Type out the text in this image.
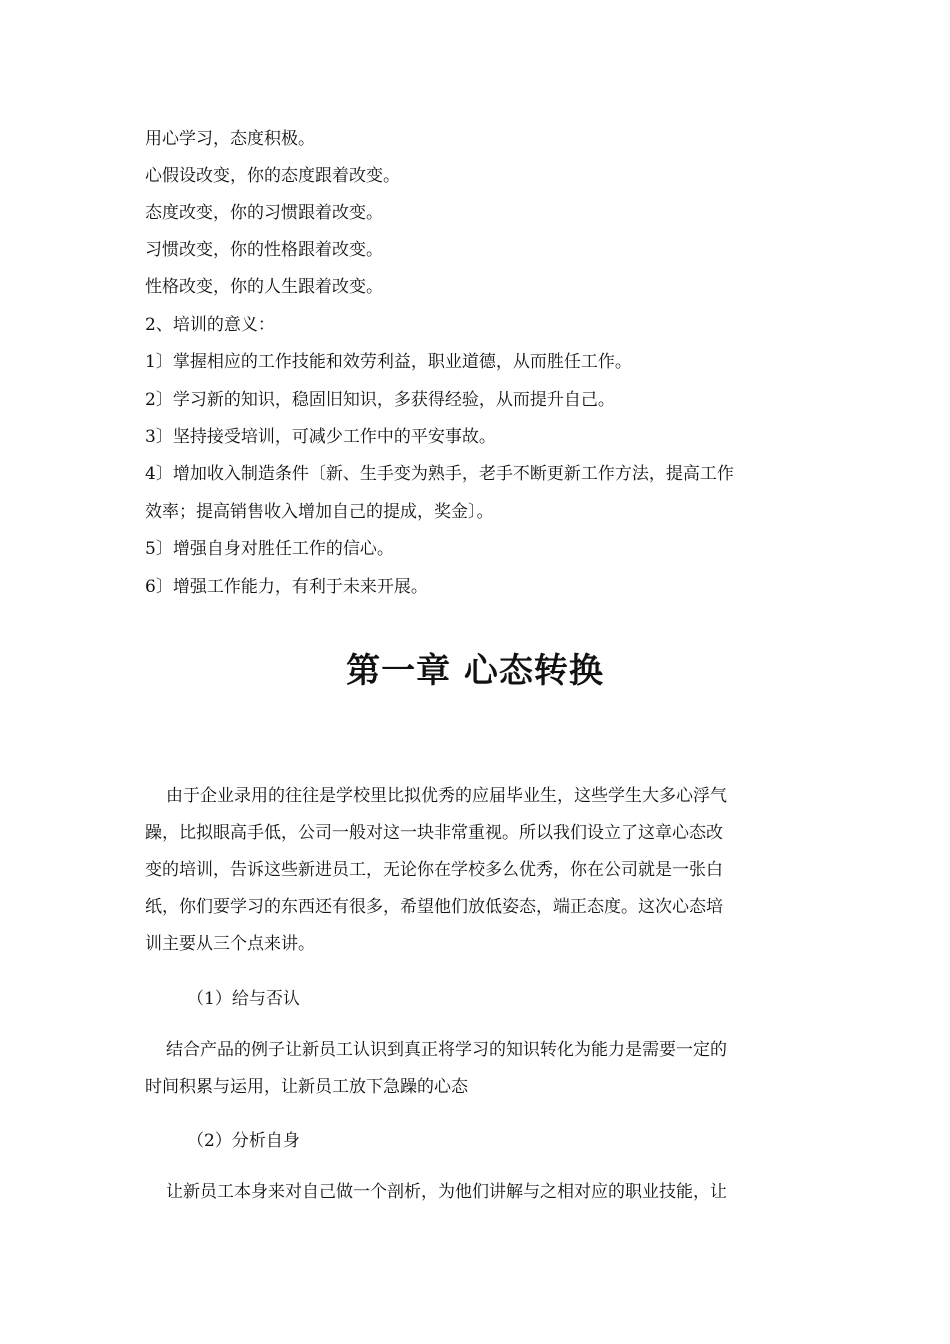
用心学习，态度积极。
心假设改变，你的态度跟着改变。
态度改变，你的习惯跟着改变。
习惯改变，你的性格跟着改变。
性格改变，你的人生跟着改变。
2、培训的意义：
1〕掌握相应的工作技能和效劳利益，职业道德，从而胜任工作。
2〕学习新的知识，稳固旧知识，多获得经验，从而提升自己。
3〕坚持接受培训，可减少工作中的平安事故。
4〕增加收入制造条件〔新、生手变为熟手，老手不断更新工作方法，提高工作
效率；提高销售收入增加自己的提成，奖金〕。
5〕增强自身对胜任工作的信心。
6〕增强工作能力，有利于未来开展。
第一章 心态转换
由于企业录用的往往是学校里比拟优秀的应届毕业生，这些学生大多心浮气
躁，比拟眼高手低，公司一般对这一块非常重视。所以我们设立了这章心态改
变的培训，告诉这些新进员工，无论你在学校多么优秀，你在公司就是一张白
纸，你们要学习的东西还有很多，希望他们放低姿态，端正态度。这次心态培
训主要从三个点来讲。
（1）给与否认
结合产品的例子让新员工认识到真正将学习的知识转化为能力是需要一定的
时间积累与运用，让新员工放下急躁的心态
（2）分析自身
让新员工本身来对自己做一个剖析，为他们讲解与之相对应的职业技能，让
